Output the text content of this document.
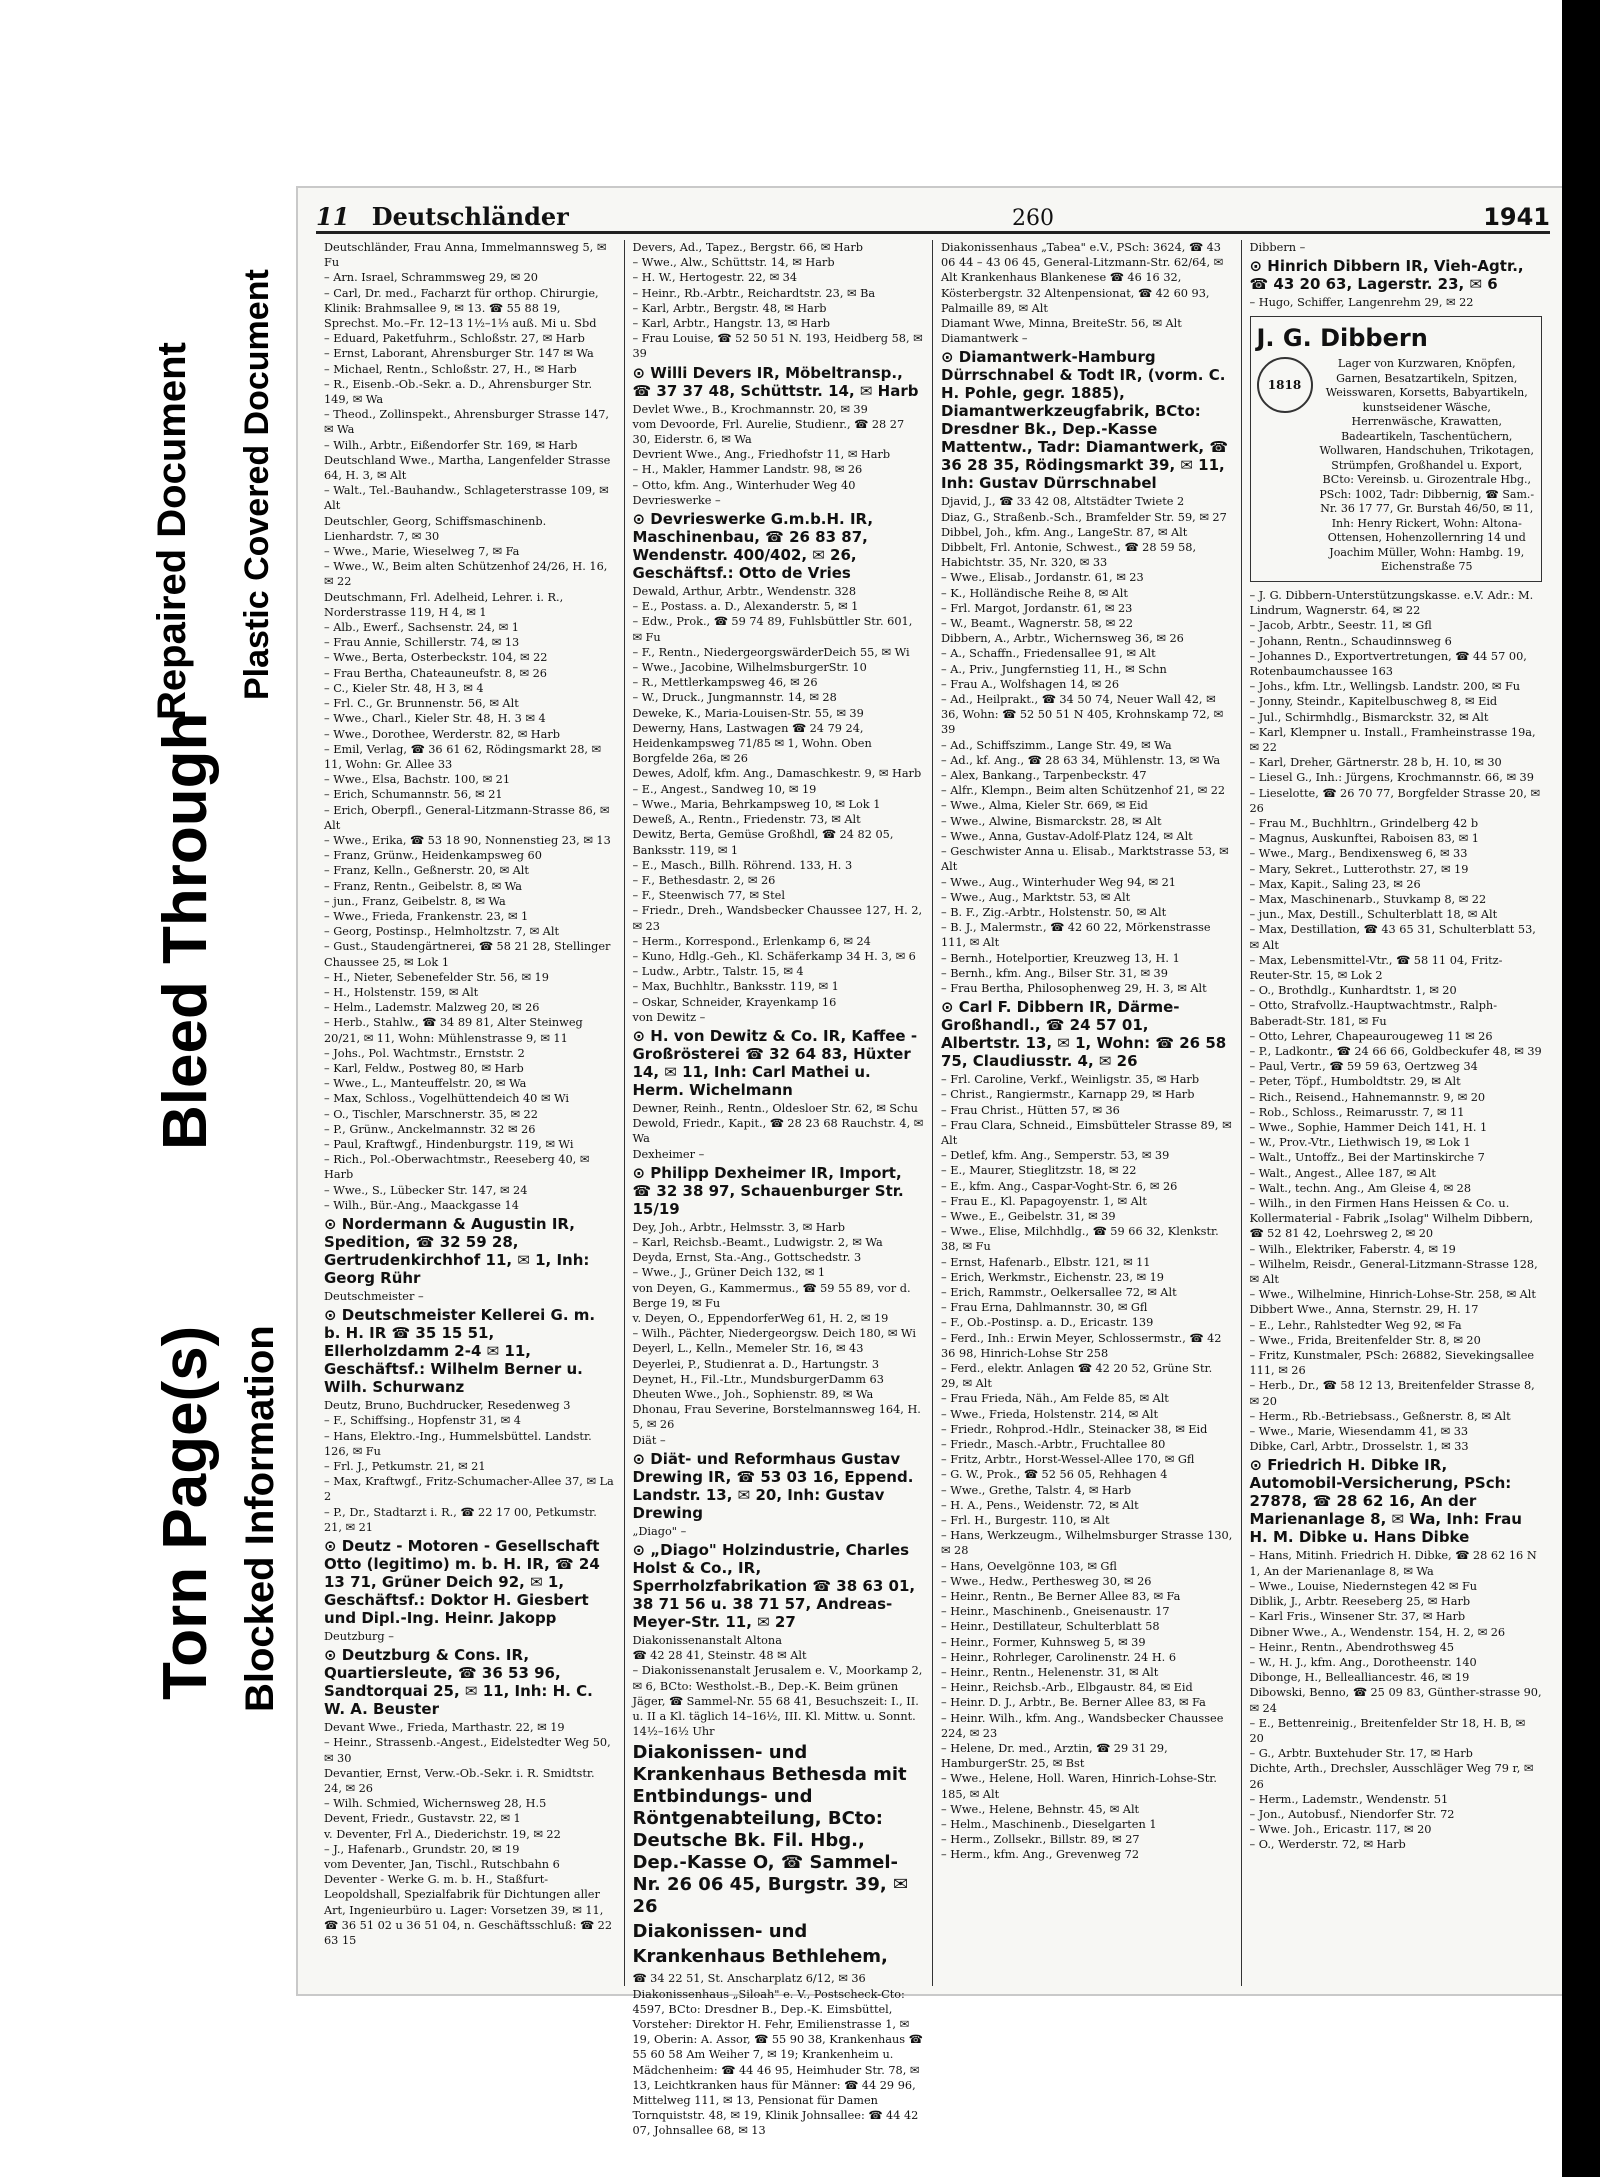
Torn Page(s) Blocked Information
Bleed Through
Repaired Document Plastic Covered Document
11 Deutschländer	260	1941
Deutschländer, Frau Anna, Immelmannsweg 5, ✉ Fu
– Arn. Israel, Schrammsweg 29, ✉ 20
– Carl, Dr. med., Facharzt für orthop. Chirurgie, Klinik: Brahmsallee 9, ✉ 13. ☎ 55 88 19, Sprechst. Mo.–Fr. 12–13 1½–1⅓ auß. Mi u. Sbd
– Eduard, Paketfuhrm., Schloßstr. 27, ✉ Harb
– Ernst, Laborant, Ahrensburger Str. 147 ✉ Wa
– Michael, Rentn., Schloßstr. 27, H., ✉ Harb
– R., Eisenb.-Ob.-Sekr. a. D., Ahrensburger Str. 149, ✉ Wa
– Theod., Zollinspekt., Ahrensburger Strasse 147, ✉ Wa
– Wilh., Arbtr., Eißendorfer Str. 169, ✉ Harb
Deutschland Wwe., Martha, Langenfelder Strasse 64, H. 3, ✉ Alt
– Walt., Tel.-Bauhandw., Schlageterstrasse 109, ✉ Alt
Deutschler, Georg, Schiffsmaschinenb. Lienhardstr. 7, ✉ 30
– Wwe., Marie, Wieselweg 7, ✉ Fa
– Wwe., W., Beim alten Schützenhof 24/26, H. 16, ✉ 22
Deutschmann, Frl. Adelheid, Lehrer. i. R., Norderstrasse 119, H 4, ✉ 1
– Alb., Ewerf., Sachsenstr. 24, ✉ 1
– Frau Annie, Schillerstr. 74, ✉ 13
– Wwe., Berta, Osterbeckstr. 104, ✉ 22
– Frau Bertha, Chateauneufstr. 8, ✉ 26
– C., Kieler Str. 48, H 3, ✉ 4
– Frl. C., Gr. Brunnenstr. 56, ✉ Alt
– Wwe., Charl., Kieler Str. 48, H. 3 ✉ 4
– Wwe., Dorothee, Werderstr. 82, ✉ Harb
– Emil, Verlag, ☎ 36 61 62, Rödingsmarkt 28, ✉ 11, Wohn: Gr. Allee 33
– Wwe., Elsa, Bachstr. 100, ✉ 21
– Erich, Schumannstr. 56, ✉ 21
– Erich, Oberpfl., General-Litzmann-Strasse 86, ✉ Alt
– Wwe., Erika, ☎ 53 18 90, Nonnenstieg 23, ✉ 13
– Franz, Grünw., Heidenkampsweg 60
– Franz, Kelln., Geßnerstr. 20, ✉ Alt
– Franz, Rentn., Geibelstr. 8, ✉ Wa
– jun., Franz, Geibelstr. 8, ✉ Wa
– Wwe., Frieda, Frankenstr. 23, ✉ 1
– Georg, Postinsp., Helmholtzstr. 7, ✉ Alt
– Gust., Staudengärtnerei, ☎ 58 21 28, Stellinger Chaussee 25, ✉ Lok 1
– H., Nieter, Sebenefelder Str. 56, ✉ 19
– H., Holstenstr. 159, ✉ Alt
– Helm., Lademstr. Malzweg 20, ✉ 26
– Herb., Stahlw., ☎ 34 89 81, Alter Steinweg 20/21, ✉ 11, Wohn: Mühlenstrasse 9, ✉ 11
– Johs., Pol. Wachtmstr., Ernststr. 2
– Karl, Feldw., Postweg 80, ✉ Harb
– Wwe., L., Manteuffelstr. 20, ✉ Wa
– Max, Schloss., Vogelhüttendeich 40 ✉ Wi
– O., Tischler, Marschnerstr. 35, ✉ 22
– P., Grünw., Anckelmannstr. 32 ✉ 26
– Paul, Kraftwgf., Hindenburgstr. 119, ✉ Wi
– Rich., Pol.-Oberwachtmstr., Reeseberg 40, ✉ Harb
– Wwe., S., Lübecker Str. 147, ✉ 24
– Wilh., Bür.-Ang., Maackgasse 14
⊙ Nordermann & Augustin IR, Spedition, ☎ 32 59 28, Gertrudenkirchhof 11, ✉ 1, Inh: Georg Rühr
Deutschmeister –
⊙ Deutschmeister Kellerei G. m. b. H. IR ☎ 35 15 51, Ellerholzdamm 2-4 ✉ 11, Geschäftsf.: Wilhelm Berner u. Wilh. Schurwanz
Deutz, Bruno, Buchdrucker, Resedenweg 3
– F., Schiffsing., Hopfenstr 31, ✉ 4
– Hans, Elektro.-Ing., Hummelsbüttel. Landstr. 126, ✉ Fu
– Frl. J., Petkumstr. 21, ✉ 21
– Max, Kraftwgf., Fritz-Schumacher-Allee 37, ✉ La 2
– P., Dr., Stadtarzt i. R., ☎ 22 17 00, Petkumstr. 21, ✉ 21
⊙ Deutz - Motoren - Gesellschaft Otto (legitimo) m. b. H. IR, ☎ 24 13 71, Grüner Deich 92, ✉ 1, Geschäftsf.: Doktor H. Giesbert und Dipl.-Ing. Heinr. Jakopp
Deutzburg –
⊙ Deutzburg & Cons. IR, Quartiersleute, ☎ 36 53 96, Sandtorquai 25, ✉ 11, Inh: H. C. W. A. Beuster
Devant Wwe., Frieda, Marthastr. 22, ✉ 19
– Heinr., Strassenb.-Angest., Eidelstedter Weg 50, ✉ 30
Devantier, Ernst, Verw.-Ob.-Sekr. i. R. Smidtstr. 24, ✉ 26
– Wilh. Schmied, Wichernsweg 28, H.5
Devent, Friedr., Gustavstr. 22, ✉ 1
v. Deventer, Frl A., Diederichstr. 19, ✉ 22
– J., Hafenarb., Grundstr. 20, ✉ 19
vom Deventer, Jan, Tischl., Rutschbahn 6
Deventer - Werke G. m. b. H., Staßfurt-Leopoldshall, Spezialfabrik für Dichtungen aller Art, Ingenieurbüro u. Lager: Vorsetzen 39, ✉ 11, ☎ 36 51 02 u 36 51 04, n. Geschäftsschluß: ☎ 22 63 15
Devers, Ad., Tapez., Bergstr. 66, ✉ Harb
– Wwe., Alw., Schüttstr. 14, ✉ Harb
– H. W., Hertogestr. 22, ✉ 34
– Heinr., Rb.-Arbtr., Reichardtstr. 23, ✉ Ba
– Karl, Arbtr., Bergstr. 48, ✉ Harb
– Karl, Arbtr., Hangstr. 13, ✉ Harb
– Frau Louise, ☎ 52 50 51 N. 193, Heidberg 58, ✉ 39
⊙ Willi Devers IR, Möbeltransp., ☎ 37 37 48, Schüttstr. 14, ✉ Harb
Devlet Wwe., B., Krochmannstr. 20, ✉ 39
vom Devoorde, Frl. Aurelie, Studienr., ☎ 28 27 30, Eiderstr. 6, ✉ Wa
Devrient Wwe., Ang., Friedhofstr 11, ✉ Harb
– H., Makler, Hammer Landstr. 98, ✉ 26
– Otto, kfm. Ang., Winterhuder Weg 40
Devrieswerke –
⊙ Devrieswerke G.m.b.H. IR, Maschinenbau, ☎ 26 83 87, Wendenstr. 400/402, ✉ 26, Geschäftsf.: Otto de Vries
Dewald, Arthur, Arbtr., Wendenstr. 328
– E., Postass. a. D., Alexanderstr. 5, ✉ 1
– Edw., Prok., ☎ 59 74 89, Fuhlsbüttler Str. 601, ✉ Fu
– F., Rentn., NiedergeorgswärderDeich 55, ✉ Wi
– Wwe., Jacobine, WilhelmsburgerStr. 10
– R., Mettlerkampsweg 46, ✉ 26
– W., Druck., Jungmannstr. 14, ✉ 28
Deweke, K., Maria-Louisen-Str. 55, ✉ 39
Dewerny, Hans, Lastwagen ☎ 24 79 24, Heidenkampsweg 71/85 ✉ 1, Wohn. Oben Borgfelde 26a, ✉ 26
Dewes, Adolf, kfm. Ang., Damaschkestr. 9, ✉ Harb
– E., Angest., Sandweg 10, ✉ 19
– Wwe., Maria, Behrkampsweg 10, ✉ Lok 1
Deweß, A., Rentn., Friedenstr. 73, ✉ Alt
Dewitz, Berta, Gemüse Großhdl, ☎ 24 82 05, Banksstr. 119, ✉ 1
– E., Masch., Billh. Röhrend. 133, H. 3
– F., Bethesdastr. 2, ✉ 26
– F., Steenwisch 77, ✉ Stel
– Friedr., Dreh., Wandsbecker Chaussee 127, H. 2, ✉ 23
– Herm., Korrespond., Erlenkamp 6, ✉ 24
– Kuno, Hdlg.-Geh., Kl. Schäferkamp 34 H. 3, ✉ 6
– Ludw., Arbtr., Talstr. 15, ✉ 4
– Max, Buchhltr., Banksstr. 119, ✉ 1
– Oskar, Schneider, Krayenkamp 16
von Dewitz –
⊙ H. von Dewitz & Co. IR, Kaffee - Großrösterei ☎ 32 64 83, Hüxter 14, ✉ 11, Inh: Carl Mathei u. Herm. Wichelmann
Dewner, Reinh., Rentn., Oldesloer Str. 62, ✉ Schu
Dewold, Friedr., Kapit., ☎ 28 23 68 Rauchstr. 4, ✉ Wa
Dexheimer –
⊙ Philipp Dexheimer IR, Import, ☎ 32 38 97, Schauenburger Str. 15/19
Dey, Joh., Arbtr., Helmsstr. 3, ✉ Harb
– Karl, Reichsb.-Beamt., Ludwigstr. 2, ✉ Wa
Deyda, Ernst, Sta.-Ang., Gottschedstr. 3
– Wwe., J., Grüner Deich 132, ✉ 1
von Deyen, G., Kammermus., ☎ 59 55 89, vor d. Berge 19, ✉ Fu
v. Deyen, O., EppendorferWeg 61, H. 2, ✉ 19
– Wilh., Pächter, Niedergeorgsw. Deich 180, ✉ Wi
Deyerl, L., Kelln., Memeler Str. 16, ✉ 43
Deyerlei, P., Studienrat a. D., Hartungstr. 3
Deynet, H., Fil.-Ltr., MundsburgerDamm 63
Dheuten Wwe., Joh., Sophienstr. 89, ✉ Wa
Dhonau, Frau Severine, Borstelmannsweg 164, H. 5, ✉ 26
Diät –
⊙ Diät- und Reformhaus Gustav Drewing IR, ☎ 53 03 16, Eppend. Landstr. 13, ✉ 20, Inh: Gustav Drewing
„Diago" –
⊙ „Diago" Holzindustrie, Charles Holst & Co., IR, Sperrholzfabrikation ☎ 38 63 01, 38 71 56 u. 38 71 57, Andreas-Meyer-Str. 11, ✉ 27
Diakonissenanstalt Altona
☎ 42 28 41, Steinstr. 48 ✉ Alt
– Diakonissenanstalt Jerusalem e. V., Moorkamp 2, ✉ 6, BCto: Westholst.-B., Dep.-K. Beim grünen Jäger, ☎ Sammel-Nr. 55 68 41, Besuchszeit: I., II. u. II a Kl. täglich 14–16½, III. Kl. Mittw. u. Sonnt. 14½–16½ Uhr
Diakonissen- und Krankenhaus Bethesda mit Entbindungs- und Röntgenabteilung, BCto: Deutsche Bk. Fil. Hbg., Dep.-Kasse O, ☎ Sammel-Nr. 26 06 45, Burgstr. 39, ✉ 26
Diakonissen- und
Krankenhaus Bethlehem,
☎ 34 22 51, St. Anscharplatz 6/12, ✉ 36
Diakonissenhaus „Siloah" e. V., Postscheck-Cto: 4597, BCto: Dresdner B., Dep.-K. Eimsbüttel, Vorsteher: Direktor H. Fehr, Emilienstrasse 1, ✉ 19, Oberin: A. Assor, ☎ 55 90 38, Krankenhaus ☎ 55 60 58 Am Weiher 7, ✉ 19; Krankenheim u. Mädchenheim: ☎ 44 46 95, Heimhuder Str. 78, ✉ 13, Leichtkranken haus für Männer: ☎ 44 29 96, Mittelweg 111, ✉ 13, Pensionat für Damen Tornquiststr. 48, ✉ 19, Klinik Johnsallee: ☎ 44 42 07, Johnsallee 68, ✉ 13
Diakonissenhaus „Tabea" e.V., PSch: 3624, ☎ 43 06 44 – 43 06 45, General-Litzmann-Str. 62/64, ✉ Alt Krankenhaus Blankenese ☎ 46 16 32, Kösterbergstr. 32 Altenpensionat, ☎ 42 60 93, Palmaille 89, ✉ Alt
Diamant Wwe, Minna, BreiteStr. 56, ✉ Alt
Diamantwerk –
⊙ Diamantwerk-Hamburg Dürrschnabel & Todt IR, (vorm. C. H. Pohle, gegr. 1885), Diamantwerkzeugfabrik, BCto: Dresdner Bk., Dep.-Kasse Mattentw., Tadr: Diamantwerk, ☎ 36 28 35, Rödingsmarkt 39, ✉ 11, Inh: Gustav Dürrschnabel
Djavid, J., ☎ 33 42 08, Altstädter Twiete 2
Diaz, G., Straßenb.-Sch., Bramfelder Str. 59, ✉ 27
Dibbel, Joh., kfm. Ang., LangeStr. 87, ✉ Alt
Dibbelt, Frl. Antonie, Schwest., ☎ 28 59 58, Habichtstr. 35, Nr. 320, ✉ 33
– Wwe., Elisab., Jordanstr. 61, ✉ 23
– K., Holländische Reihe 8, ✉ Alt
– Frl. Margot, Jordanstr. 61, ✉ 23
– W., Beamt., Wagnerstr. 58, ✉ 22
Dibbern, A., Arbtr., Wichernsweg 36, ✉ 26
– A., Schaffn., Friedensallee 91, ✉ Alt
– A., Priv., Jungfernstieg 11, H., ✉ Schn
– Frau A., Wolfshagen 14, ✉ 26
– Ad., Heilprakt., ☎ 34 50 74, Neuer Wall 42, ✉ 36, Wohn: ☎ 52 50 51 N 405, Krohnskamp 72, ✉ 39
– Ad., Schiffszimm., Lange Str. 49, ✉ Wa
– Ad., kf. Ang., ☎ 28 63 34, Mühlenstr. 13, ✉ Wa
– Alex, Bankang., Tarpenbeckstr. 47
– Alfr., Klempn., Beim alten Schützenhof 21, ✉ 22
– Wwe., Alma, Kieler Str. 669, ✉ Eid
– Wwe., Alwine, Bismarckstr. 28, ✉ Alt
– Wwe., Anna, Gustav-Adolf-Platz 124, ✉ Alt
– Geschwister Anna u. Elisab., Marktstrasse 53, ✉ Alt
– Wwe., Aug., Winterhuder Weg 94, ✉ 21
– Wwe., Aug., Marktstr. 53, ✉ Alt
– B. F., Zig.-Arbtr., Holstenstr. 50, ✉ Alt
– B. J., Malermstr., ☎ 42 60 22, Mörkenstrasse 111, ✉ Alt
– Bernh., Hotelportier, Kreuzweg 13, H. 1
– Bernh., kfm. Ang., Bilser Str. 31, ✉ 39
– Frau Bertha, Philosophenweg 29, H. 3, ✉ Alt
⊙ Carl F. Dibbern IR, Därme-Großhandl., ☎ 24 57 01, Albertstr. 13, ✉ 1, Wohn: ☎ 26 58 75, Claudiusstr. 4, ✉ 26
– Frl. Caroline, Verkf., Weinligstr. 35, ✉ Harb
– Christ., Rangiermstr., Karnapp 29, ✉ Harb
– Frau Christ., Hütten 57, ✉ 36
– Frau Clara, Schneid., Eimsbütteler Strasse 89, ✉ Alt
– Detlef, kfm. Ang., Semperstr. 53, ✉ 39
– E., Maurer, Stieglitzstr. 18, ✉ 22
– E., kfm. Ang., Caspar-Voght-Str. 6, ✉ 26
– Frau E., Kl. Papagoyenstr. 1, ✉ Alt
– Wwe., E., Geibelstr. 31, ✉ 39
– Wwe., Elise, Milchhdlg., ☎ 59 66 32, Klenkstr. 38, ✉ Fu
– Ernst, Hafenarb., Elbstr. 121, ✉ 11
– Erich, Werkmstr., Eichenstr. 23, ✉ 19
– Erich, Rammstr., Oelkersallee 72, ✉ Alt
– Frau Erna, Dahlmannstr. 30, ✉ Gfl
– F., Ob.-Postinsp. a. D., Ericastr. 139
– Ferd., Inh.: Erwin Meyer, Schlossermstr., ☎ 42 36 98, Hinrich-Lohse Str 258
– Ferd., elektr. Anlagen ☎ 42 20 52, Grüne Str. 29, ✉ Alt
– Frau Frieda, Näh., Am Felde 85, ✉ Alt
– Wwe., Frieda, Holstenstr. 214, ✉ Alt
– Friedr., Rohprod.-Hdlr., Steinacker 38, ✉ Eid
– Friedr., Masch.-Arbtr., Fruchtallee 80
– Fritz, Arbtr., Horst-Wessel-Allee 170, ✉ Gfl
– G. W., Prok., ☎ 52 56 05, Rehhagen 4
– Wwe., Grethe, Talstr. 4, ✉ Harb
– H. A., Pens., Weidenstr. 72, ✉ Alt
– Frl. H., Burgestr. 110, ✉ Alt
– Hans, Werkzeugm., Wilhelmsburger Strasse 130, ✉ 28
– Hans, Oevelgönne 103, ✉ Gfl
– Wwe., Hedw., Perthesweg 30, ✉ 26
– Heinr., Rentn., Be Berner Allee 83, ✉ Fa
– Heinr., Maschinenb., Gneisenaustr. 17
– Heinr., Destillateur, Schulterblatt 58
– Heinr., Former, Kuhnsweg 5, ✉ 39
– Heinr., Rohrleger, Carolinenstr. 24 H. 6
– Heinr., Rentn., Helenenstr. 31, ✉ Alt
– Heinr., Reichsb.-Arb., Elbgaustr. 84, ✉ Eid
– Heinr. D. J., Arbtr., Be. Berner Allee 83, ✉ Fa
– Heinr. Wilh., kfm. Ang., Wandsbecker Chaussee 224, ✉ 23
– Helene, Dr. med., Arztin, ☎ 29 31 29, HamburgerStr. 25, ✉ Bst
– Wwe., Helene, Holl. Waren, Hinrich-Lohse-Str. 185, ✉ Alt
– Wwe., Helene, Behnstr. 45, ✉ Alt
– Helm., Maschinenb., Dieselgarten 1
– Herm., Zollsekr., Billstr. 89, ✉ 27
– Herm., kfm. Ang., Grevenweg 72
Dibbern –
⊙ Hinrich Dibbern IR, Vieh-Agtr., ☎ 43 20 63, Lagerstr. 23, ✉ 6
– Hugo, Schiffer, Langenrehm 29, ✉ 22
J. G. Dibbern
1818
Lager von Kurzwaren, Knöpfen, Garnen, Besatzartikeln, Spitzen, Weisswaren, Korsetts, Babyartikeln, kunstseidener Wäsche, Herrenwäsche, Krawatten, Badeartikeln, Taschentüchern, Wollwaren, Handschuhen, Trikotagen, Strümpfen, Großhandel u. Export, BCto: Vereinsb. u. Girozentrale Hbg., PSch: 1002, Tadr: Dibbernig, ☎ Sam.-Nr. 36 17 77, Gr. Burstah 46/50, ✉ 11, Inh: Henry Rickert, Wohn: Altona-Ottensen, Hohenzollernring 14 und Joachim Müller, Wohn: Hambg. 19, Eichenstraße 75
– J. G. Dibbern-Unterstützungskasse. e.V. Adr.: M. Lindrum, Wagnerstr. 64, ✉ 22
– Jacob, Arbtr., Seestr. 11, ✉ Gfl
– Johann, Rentn., Schaudinnsweg 6
– Johannes D., Exportvertretungen, ☎ 44 57 00, Rotenbaumchaussee 163
– Johs., kfm. Ltr., Wellingsb. Landstr. 200, ✉ Fu
– Jonny, Steindr., Kapitelbuschweg 8, ✉ Eid
– Jul., Schirmhdlg., Bismarckstr. 32, ✉ Alt
– Karl, Klempner u. Install., Framheinstrasse 19a, ✉ 22
– Karl, Dreher, Gärtnerstr. 28 b, H. 10, ✉ 30
– Liesel G., Inh.: Jürgens, Krochmannstr. 66, ✉ 39
– Lieselotte, ☎ 26 70 77, Borgfelder Strasse 20, ✉ 26
– Frau M., Buchhltrn., Grindelberg 42 b
– Magnus, Auskunftei, Raboisen 83, ✉ 1
– Wwe., Marg., Bendixensweg 6, ✉ 33
– Mary, Sekret., Lutterothstr. 27, ✉ 19
– Max, Kapit., Saling 23, ✉ 26
– Max, Maschinenarb., Stuvkamp 8, ✉ 22
– jun., Max, Destill., Schulterblatt 18, ✉ Alt
– Max, Destillation, ☎ 43 65 31, Schulterblatt 53, ✉ Alt
– Max, Lebensmittel-Vtr., ☎ 58 11 04, Fritz-Reuter-Str. 15, ✉ Lok 2
– O., Brothdlg., Kunhardtstr. 1, ✉ 20
– Otto, Strafvollz.-Hauptwachtmstr., Ralph-Baberadt-Str. 181, ✉ Fu
– Otto, Lehrer, Chapeaurougeweg 11 ✉ 26
– P., Ladkontr., ☎ 24 66 66, Goldbeckufer 48, ✉ 39
– Paul, Vertr., ☎ 59 59 63, Oertzweg 34
– Peter, Töpf., Humboldtstr. 29, ✉ Alt
– Rich., Reisend., Hahnemannstr. 9, ✉ 20
– Rob., Schloss., Reimarusstr. 7, ✉ 11
– Wwe., Sophie, Hammer Deich 141, H. 1
– W., Prov.-Vtr., Liethwisch 19, ✉ Lok 1
– Walt., Untoffz., Bei der Martinskirche 7
– Walt., Angest., Allee 187, ✉ Alt
– Walt., techn. Ang., Am Gleise 4, ✉ 28
– Wilh., in den Firmen Hans Heissen & Co. u. Kollermaterial - Fabrik „Isolag" Wilhelm Dibbern, ☎ 52 81 42, Loehrsweg 2, ✉ 20
– Wilh., Elektriker, Faberstr. 4, ✉ 19
– Wilhelm, Reisdr., General-Litzmann-Strasse 128, ✉ Alt
– Wwe., Wilhelmine, Hinrich-Lohse-Str. 258, ✉ Alt
Dibbert Wwe., Anna, Sternstr. 29, H. 17
– E., Lehr., Rahlstedter Weg 92, ✉ Fa
– Wwe., Frida, Breitenfelder Str. 8, ✉ 20
– Fritz, Kunstmaler, PSch: 26882, Sievekingsallee 111, ✉ 26
– Herb., Dr., ☎ 58 12 13, Breitenfelder Strasse 8, ✉ 20
– Herm., Rb.-Betriebsass., Geßnerstr. 8, ✉ Alt
– Wwe., Marie, Wiesendamm 41, ✉ 33
Dibke, Carl, Arbtr., Drosselstr. 1, ✉ 33
⊙ Friedrich H. Dibke IR, Automobil-Versicherung, PSch: 27878, ☎ 28 62 16, An der Marienanlage 8, ✉ Wa, Inh: Frau H. M. Dibke u. Hans Dibke
– Hans, Mitinh. Friedrich H. Dibke, ☎ 28 62 16 N 1, An der Marienanlage 8, ✉ Wa
– Wwe., Louise, Niedernstegen 42 ✉ Fu
Diblik, J., Arbtr. Reeseberg 25, ✉ Harb
– Karl Fris., Winsener Str. 37, ✉ Harb
Dibner Wwe., A., Wendenstr. 154, H. 2, ✉ 26
– Heinr., Rentn., Abendrothsweg 45
– W., H. J., kfm. Ang., Dorotheenstr. 140
Dibonge, H., Bellealliancestr. 46, ✉ 19
Dibowski, Benno, ☎ 25 09 83, Günther-strasse 90, ✉ 24
– E., Bettenreinig., Breitenfelder Str 18, H. B, ✉ 20
– G., Arbtr. Buxtehuder Str. 17, ✉ Harb
Dichte, Arth., Drechsler, Ausschläger Weg 79 r, ✉ 26
– Herm., Lademstr., Wendenstr. 51
– Jon., Autobusf., Niendorfer Str. 72
– Wwe. Joh., Ericastr. 117, ✉ 20
– O., Werderstr. 72, ✉ Harb
